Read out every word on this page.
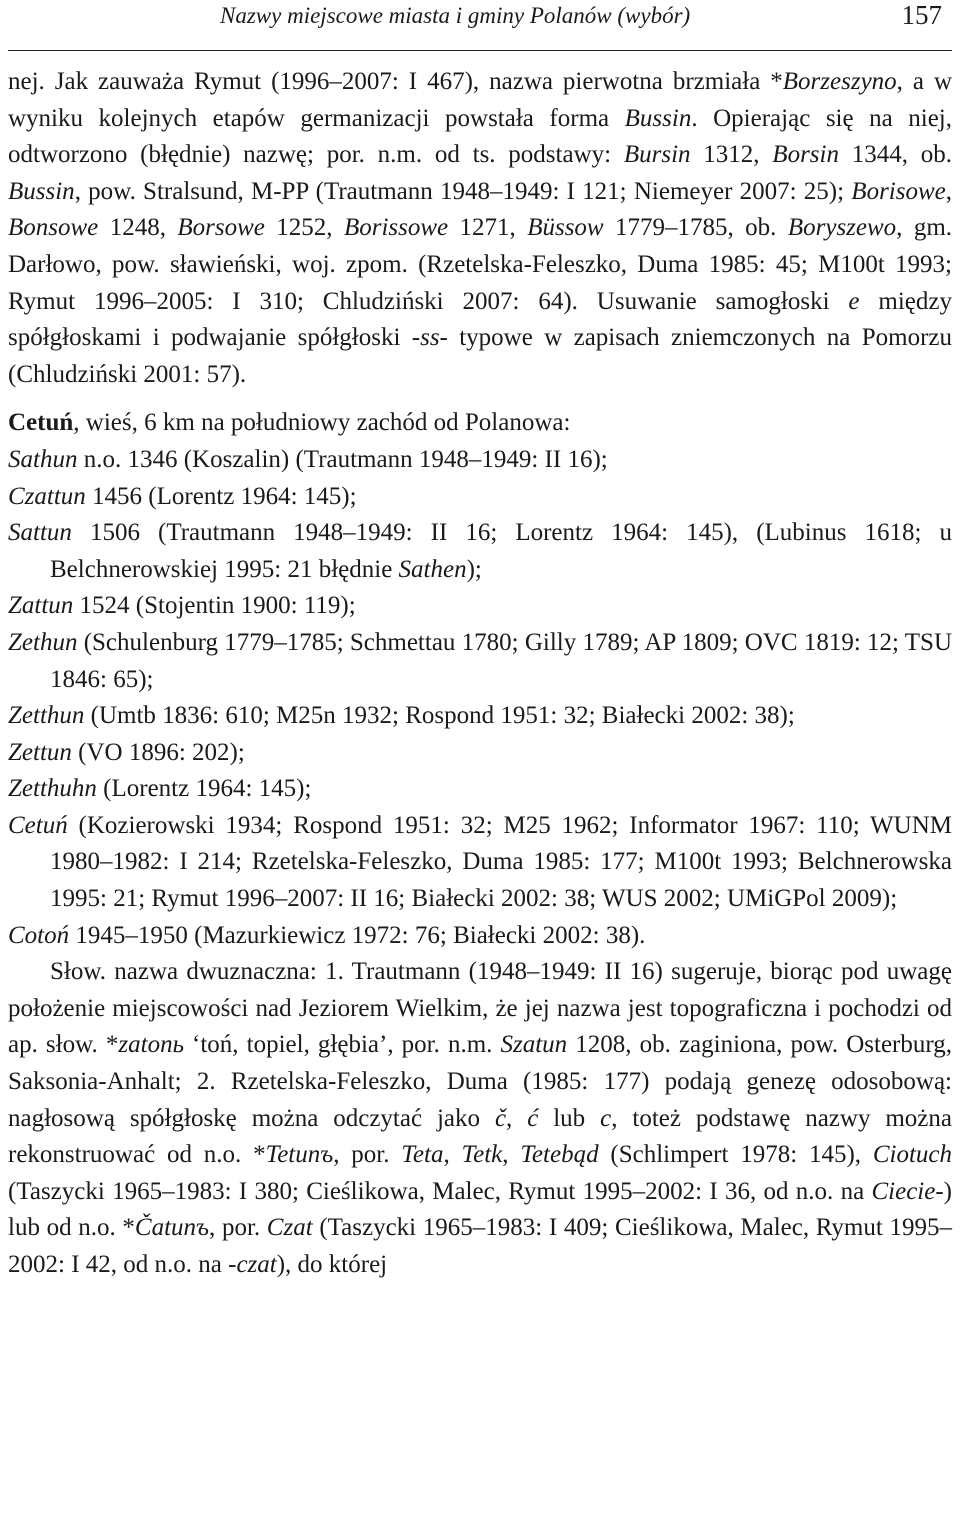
Nazwy miejscowe miasta i gminy Polanów (wybór)	157

nej. Jak zauważa Rymut (1996–2007: I 467), nazwa pierwotna brzmiała *Borzeszyno, a w wyniku kolejnych etapów germanizacji powstała forma Bussin. Opierając się na niej, odtworzono (błędnie) nazwę; por. n.m. od ts. podstawy: Bursin 1312, Borsin 1344, ob. Bussin, pow. Stralsund, M-PP (Trautmann 1948–1949: I 121; Niemeyer 2007: 25); Borisowe, Bonsowe 1248, Borsowe 1252, Borissowe 1271, Büssow 1779–1785, ob. Boryszewo, gm. Darłowo, pow. sławieński, woj. zpom. (Rzetelska-Feleszko, Duma 1985: 45; M100t 1993; Rymut 1996–2005: I 310; Chludziński 2007: 64). Usuwanie samogłoski e między spółgłoskami i podwajanie spółgłoski -ss- typowe w zapisach zniemczonych na Pomorzu (Chludziński 2001: 57).

Cetuń, wieś, 6 km na południowy zachód od Polanowa:

Sathun n.o. 1346 (Koszalin) (Trautmann 1948–1949: II 16);

Czattun 1456 (Lorentz 1964: 145);

Sattun 1506 (Trautmann 1948–1949: II 16; Lorentz 1964: 145), (Lubinus 1618; u Belchnerowskiej 1995: 21 błędnie Sathen);

Zattun 1524 (Stojentin 1900: 119);

Zethun (Schulenburg 1779–1785; Schmettau 1780; Gilly 1789; AP 1809; OVC 1819: 12; TSU 1846: 65);

Zetthun (Umtb 1836: 610; M25n 1932; Rospond 1951: 32; Białecki 2002: 38);

Zettun (VO 1896: 202);

Zetthuhn (Lorentz 1964: 145);

Cetuń (Kozierowski 1934; Rospond 1951: 32; M25 1962; Informator 1967: 110; WUNM 1980–1982: I 214; Rzetelska-Feleszko, Duma 1985: 177; M100t 1993; Belchnerowska 1995: 21; Rymut 1996–2007: II 16; Białecki 2002: 38; WUS 2002; UMiGPol 2009);

Cotoń 1945–1950 (Mazurkiewicz 1972: 76; Białecki 2002: 38).

Słow. nazwa dwuznaczna: 1. Trautmann (1948–1949: II 16) sugeruje, biorąc pod uwagę położenie miejscowości nad Jeziorem Wielkim, że jej nazwa jest topograficzna i pochodzi od ap. słow. *zatonь ‘toń, topiel, głębia’, por. n.m. Szatun 1208, ob. zaginiona, pow. Osterburg, Saksonia-Anhalt; 2. Rzetelska-Feleszko, Duma (1985: 177) podają genezę odosobową: nagłosową spółgłoskę można odczytać jako č, ć lub c, toteż podstawę nazwy można rekonstruować od n.o. *Tetunъ, por. Teta, Tetk, Tetebąd (Schlimpert 1978: 145), Ciotuch (Taszycki 1965–1983: I 380; Cieślikowa, Malec, Rymut 1995–2002: I 36, od n.o. na Ciecie-) lub od n.o. *Čatunъ, por. Czat (Taszycki 1965–1983: I 409; Cieślikowa, Malec, Rymut 1995–2002: I 42, od n.o. na -czat), do której
